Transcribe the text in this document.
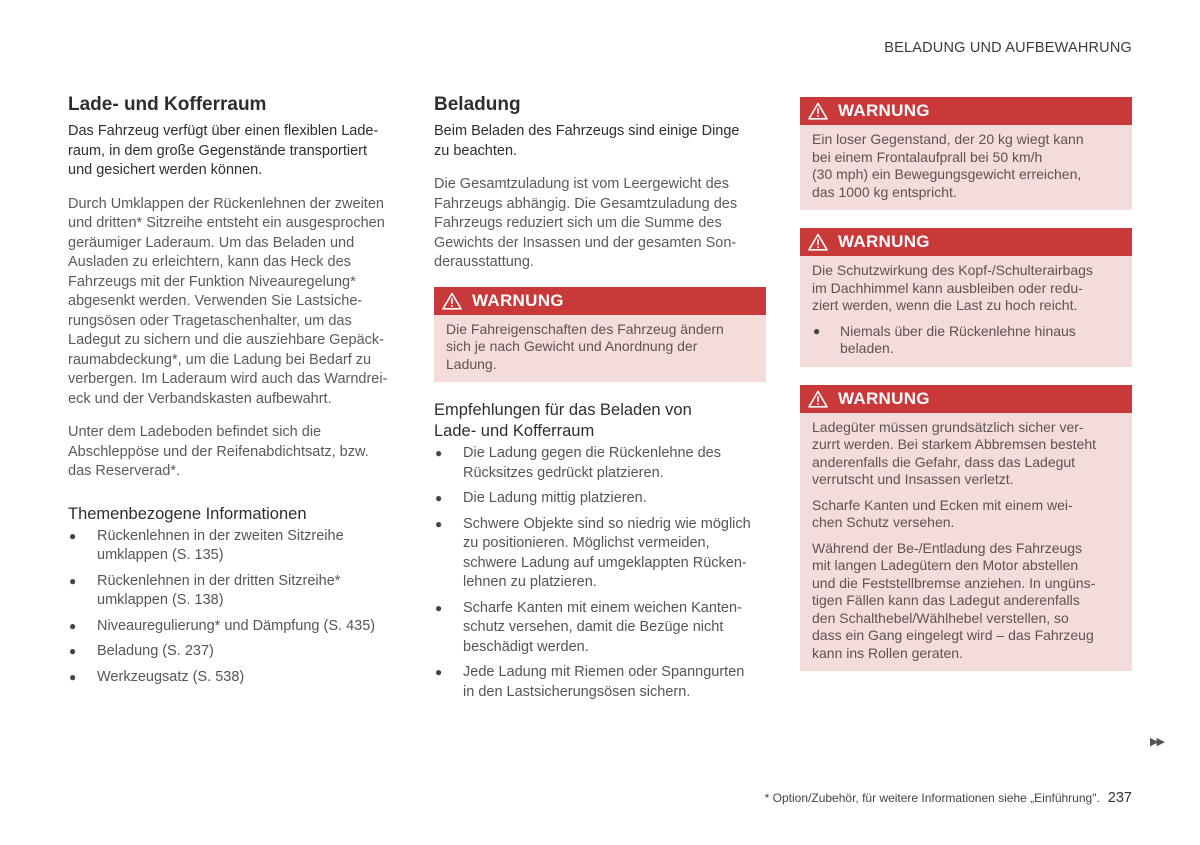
BELADUNG UND AUFBEWAHRUNG
Lade- und Kofferraum

Das Fahrzeug verfügt über einen flexiblen Lade-
raum, in dem große Gegenstände transportiert
und gesichert werden können.

Durch Umklappen der Rückenlehnen der zweiten
und dritten* Sitzreihe entsteht ein ausgesprochen
geräumiger Laderaum. Um das Beladen und
Ausladen zu erleichtern, kann das Heck des
Fahrzeugs mit der Funktion Niveauregelung*
abgesenkt werden. Verwenden Sie Lastsiche-
rungsösen oder Tragetaschenhalter, um das
Ladegut zu sichern und die ausziehbare Gepäck-
raumabdeckung*, um die Ladung bei Bedarf zu
verbergen. Im Laderaum wird auch das Warndrei-
eck und der Verbandskasten aufbewahrt.

Unter dem Ladeboden befindet sich die
Abschleppöse und der Reifenabdichtsatz, bzw.
das Reserverad*.

Themenbezogene Informationen
● Rückenlehnen in der zweiten Sitzreihe
umklappen (S. 135)
● Rückenlehnen in der dritten Sitzreihe*
umklappen (S. 138)
● Niveauregulierung* und Dämpfung (S. 435)
● Beladung (S. 237)
● Werkzeugsatz (S. 538)
Beladung

Beim Beladen des Fahrzeugs sind einige Dinge
zu beachten.

Die Gesamtzuladung ist vom Leergewicht des
Fahrzeugs abhängig. Die Gesamtzuladung des
Fahrzeugs reduziert sich um die Summe des
Gewichts der Insassen und der gesamten Son-
derausstattung.

WARNUNG

Die Fahreigenschaften des Fahrzeug ändern
sich je nach Gewicht und Anordnung der
Ladung.

Empfehlungen für das Beladen von
Lade- und Kofferraum
● Die Ladung gegen die Rückenlehne des
Rücksitzes gedrückt platzieren.
● Die Ladung mittig platzieren.
● Schwere Objekte sind so niedrig wie möglich
zu positionieren. Möglichst vermeiden,
schwere Ladung auf umgeklappten Rücken-
lehnen zu platzieren.
● Scharfe Kanten mit einem weichen Kanten-
schutz versehen, damit die Bezüge nicht
beschädigt werden.
● Jede Ladung mit Riemen oder Spanngurten
in den Lastsicherungsösen sichern.
WARNUNG

Ein loser Gegenstand, der 20 kg wiegt kann
bei einem Frontalaufprall bei 50 km/h
(30 mph) ein Bewegungsgewicht erreichen,
das 1000 kg entspricht.

WARNUNG

Die Schutzwirkung des Kopf-/Schulterairbags
im Dachhimmel kann ausbleiben oder redu-
ziert werden, wenn die Last zu hoch reicht.

● Niemals über die Rückenlehne hinaus
beladen.
WARNUNG

Ladegüter müssen grundsätzlich sicher ver-
zurrt werden. Bei starkem Abbremsen besteht
anderenfalls die Gefahr, dass das Ladegut
verrutscht und Insassen verletzt.

Scharfe Kanten und Ecken mit einem wei-
chen Schutz versehen.

Während der Be-/Entladung des Fahrzeugs
mit langen Ladegütern den Motor abstellen
und die Feststellbremse anziehen. In ungüns-
tigen Fällen kann das Ladegut anderenfalls
den Schalthebel/Wählhebel verstellen, so
dass ein Gang eingelegt wird – das Fahrzeug
kann ins Rollen geraten.

▶▶
* Option/Zubehör, für weitere Informationen siehe „Einführung". 237
